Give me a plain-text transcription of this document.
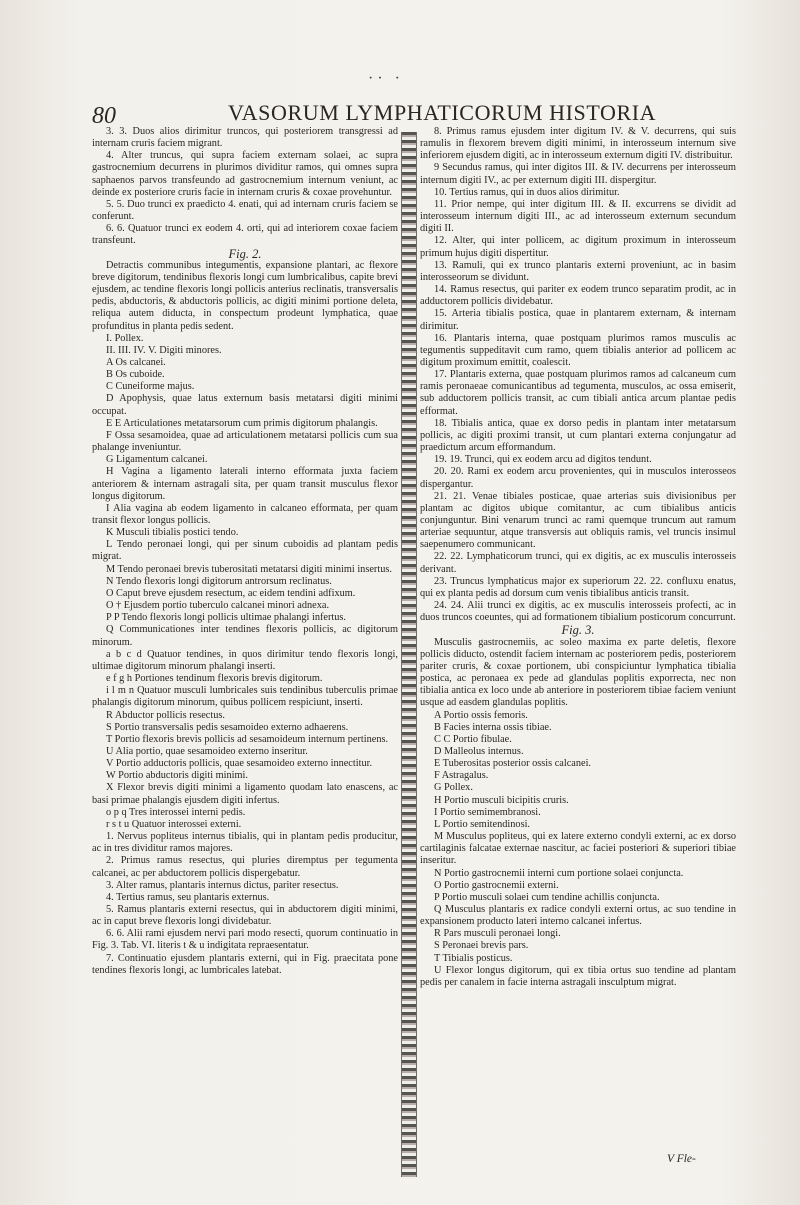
·· ·
80	VASORUM LYMPHATICORUM HISTORIA

3. 3. Duos alios dirimitur truncos, qui posteriorem transgressi ad internam cruris faciem migrant.

4. Alter truncus, qui supra faciem externam solaei, ac supra gastrocnemium decurrens in plurimos dividitur ramos, qui omnes supra saphaenos parvos transfeundo ad gastrocnemium internum veniunt, ac deinde ex posteriore cruris facie in internam cruris & coxae provehuntur.

5. 5. Duo trunci ex praedicto 4. enati, qui ad internam cruris faciem se conferunt.

6. 6. Quatuor trunci ex eodem 4. orti, qui ad interiorem coxae faciem transfeunt.

Fig. 2.

Detractis communibus integumentis, expansione plantari, ac flexore breve digitorum, tendinibus flexoris longi cum lumbricalibus, capite brevi ejusdem, ac tendine flexoris longi pollicis anterius reclinatis, transversalis pedis, abductoris, & abductoris pollicis, ac digiti minimi portione deleta, reliqua autem diducta, in conspectum prodeunt lymphatica, quae profunditus in planta pedis sedent.

I. Pollex.

II. III. IV. V. Digiti minores.

A Os calcanei.

B Os cuboide.

C Cuneiforme majus.

D Apophysis, quae latus externum basis metatarsi digiti minimi occupat.

E E Articulationes metatarsorum cum primis digitorum phalangis.

F Ossa sesamoidea, quae ad articulationem metatarsi pollicis cum sua phalange inveniuntur.

G Ligamentum calcanei.

H Vagina a ligamento laterali interno efformata juxta faciem anteriorem & internam astragali sita, per quam transit musculus flexor longus digitorum.

I Alia vagina ab eodem ligamento in calcaneo efformata, per quam transit flexor longus pollicis.

K Musculi tibialis postici tendo.

L Tendo peronaei longi, qui per sinum cuboidis ad plantam pedis migrat.

M Tendo peronaei brevis tuberositati metatarsi digiti minimi insertus.

N Tendo flexoris longi digitorum antrorsum reclinatus.

O Caput breve ejusdem resectum, ac eidem tendini adfixum.

O † Ejusdem portio tuberculo calcanei minori adnexa.

P P Tendo flexoris longi pollicis ultimae phalangi infertus.

Q Communicationes inter tendines flexoris pollicis, ac digitorum minorum.

a b c d Quatuor tendines, in quos dirimitur tendo flexoris longi, ultimae digitorum minorum phalangi inserti.

e f g h Portiones tendinum flexoris brevis digitorum.

i l m n Quatuor musculi lumbricales suis tendinibus tuberculis primae phalangis digitorum minorum, quibus pollicem respiciunt, inserti.

R Abductor pollicis resectus.

S Portio transversalis pedis sesamoideo externo adhaerens.

T Portio flexoris brevis pollicis ad sesamoideum internum pertinens.

U Alia portio, quae sesamoideo externo inseritur.

V Portio adductoris pollicis, quae sesamoideo externo innectitur.

W Portio abductoris digiti minimi.

X Flexor brevis digiti minimi a ligamento quodam lato enascens, ac basi primae phalangis ejusdem digiti infertus.

o p q Tres interossei interni pedis.

r s t u Quatuor interossei externi.

1. Nervus popliteus internus tibialis, qui in plantam pedis producitur, ac in tres dividitur ramos majores.

2. Primus ramus resectus, qui pluries diremptus per tegumenta calcanei, ac per abductorem pollicis dispergebatur.

3. Alter ramus, plantaris internus dictus, pariter resectus.

4. Tertius ramus, seu plantaris externus.

5. Ramus plantaris externi resectus, qui in abductorem digiti minimi, ac in caput breve flexoris longi dividebatur.

6. 6. Alii rami ejusdem nervi pari modo resecti, quorum continuatio in Fig. 3. Tab. VI. literis t & u indigitata repraesentatur.

7. Continuatio ejusdem plantaris externi, qui in Fig. praecitata pone tendines flexoris longi, ac lumbricales latebat.

8. Primus ramus ejusdem inter digitum IV. & V. decurrens, qui suis ramulis in flexorem brevem digiti minimi, in interosseum internum sive inferiorem ejusdem digiti, ac in interosseum externum digiti IV. distribuitur.

9 Secundus ramus, qui inter digitos III. & IV. decurrens per interosseum internum digiti IV., ac per externum digiti III. dispergitur.

10. Tertius ramus, qui in duos alios dirimitur.

11. Prior nempe, qui inter digitum III. & II. excurrens se dividit ad interosseum internum digiti III., ac ad interosseum externum secundum digiti II.

12. Alter, qui inter pollicem, ac digitum proximum in interosseum primum hujus digiti dispertitur.

13. Ramuli, qui ex trunco plantaris externi proveniunt, ac in basim interosseorum se dividunt.

14. Ramus resectus, qui pariter ex eodem trunco separatim prodit, ac in adductorem pollicis dividebatur.

15. Arteria tibialis postica, quae in plantarem externam, & internam dirimitur.

16. Plantaris interna, quae postquam plurimos ramos musculis ac tegumentis suppeditavit cum ramo, quem tibialis anterior ad pollicem ac digitum proximum emittit, coalescit.

17. Plantaris externa, quae postquam plurimos ramos ad calcaneum cum ramis peronaeae comunicantibus ad tegumenta, musculos, ac ossa emiserit, sub adductorem pollicis transit, ac cum tibiali antica arcum plantae pedis efformat.

18. Tibialis antica, quae ex dorso pedis in plantam inter metatarsum pollicis, ac digiti proximi transit, ut cum plantari externa conjungatur ad praedictum arcum efformandum.

19. 19. Trunci, qui ex eodem arcu ad digitos tendunt.

20. 20. Rami ex eodem arcu provenientes, qui in musculos interosseos dispergantur.

21. 21. Venae tibiales posticae, quae arterias suis divisionibus per plantam ac digitos ubique comitantur, ac cum tibialibus anticis conjunguntur. Bini venarum trunci ac rami quemque truncum aut ramum arteriae sequuntur, atque transversis aut obliquis ramis, vel truncis insimul saepenumero communicant.

22. 22. Lymphaticorum trunci, qui ex digitis, ac ex musculis interosseis derivant.

23. Truncus lymphaticus major ex superiorum 22. 22. confluxu enatus, qui ex planta pedis ad dorsum cum venis tibialibus anticis transit.

24. 24. Alii trunci ex digitis, ac ex musculis interosseis profecti, ac in duos truncos coeuntes, qui ad formationem tibialium posticorum concurrunt.

Fig. 3.

Musculis gastrocnemiis, ac soleo maxima ex parte deletis, flexore pollicis diducto, ostendit faciem internam ac posteriorem pedis, posteriorem pariter cruris, & coxae portionem, ubi conspiciuntur lymphatica tibialia postica, ac peronaea ex pede ad glandulas poplitis exporrecta, nec non tibialia antica ex loco unde ab anteriore in posteriorem tibiae faciem veniunt usque ad easdem glandulas poplitis.

A Portio ossis femoris.

B Facies interna ossis tibiae.

C C Portio fibulae.

D Malleolus internus.

E Tuberositas posterior ossis calcanei.

F Astragalus.

G Pollex.

H Portio musculi bicipitis cruris.

I Portio semimembranosi.

L Portio semitendinosi.

M Musculus popliteus, qui ex latere externo condyli externi, ac ex dorso cartilaginis falcatae externae nascitur, ac faciei posteriori & superiori tibiae inseritur.

N Portio gastrocnemii interni cum portione solaei conjuncta.

O Portio gastrocnemii externi.

P Portio musculi solaei cum tendine achillis conjuncta.

Q Musculus plantaris ex radice condyli externi ortus, ac suo tendine in expansionem producto lateri interno calcanei infertus.

R Pars musculi peronaei longi.

S Peronaei brevis pars.

T Tibialis posticus.

U Flexor longus digitorum, qui ex tibia ortus suo tendine ad plantam pedis per canalem in facie interna astragali insculptum migrat.

V Fle-
